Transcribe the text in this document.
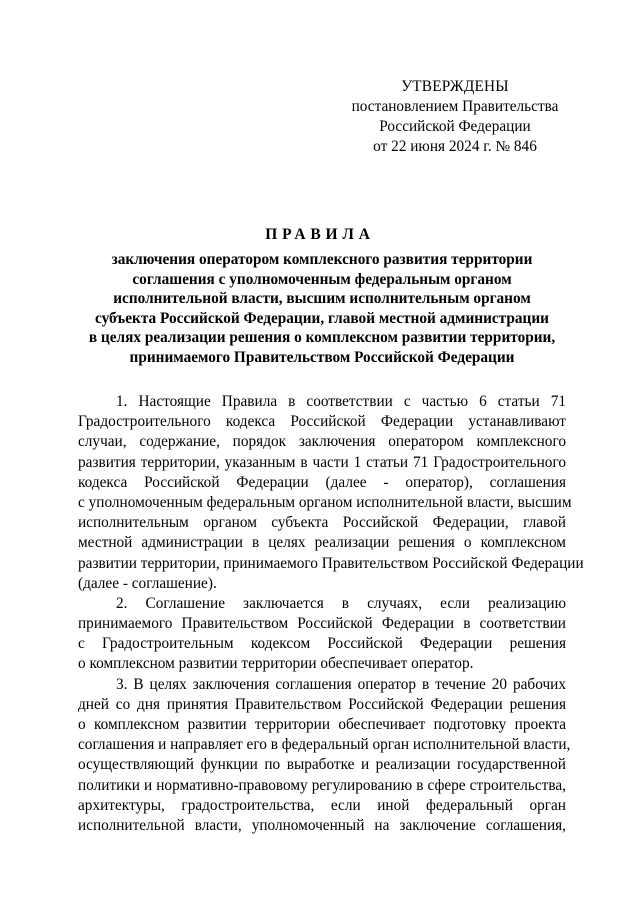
УТВЕРЖДЕНЫ
постановлением Правительства
Российской Федерации
от 22 июня 2024 г. № 846
ПРАВИЛА
заключения оператором комплексного развития территории
соглашения с уполномоченным федеральным органом
исполнительной власти, высшим исполнительным органом
субъекта Российской Федерации, главой местной администрации
в целях реализации решения о комплексном развитии территории,
принимаемого Правительством Российской Федерации
1. Настоящие Правила в соответствии с частью 6 статьи 71
Градостроительного кодекса Российской Федерации устанавливают
случаи, содержание, порядок заключения оператором комплексного
развития территории, указанным в части 1 статьи 71 Градостроительного
кодекса Российской Федерации (далее - оператор), соглашения
с уполномоченным федеральным органом исполнительной власти, высшим
исполнительным органом субъекта Российской Федерации, главой
местной администрации в целях реализации решения о комплексном
развитии территории, принимаемого Правительством Российской Федерации
(далее - соглашение).
2. Соглашение заключается в случаях, если реализацию
принимаемого Правительством Российской Федерации в соответствии
с Градостроительным кодексом Российской Федерации решения
о комплексном развитии территории обеспечивает оператор.
3. В целях заключения соглашения оператор в течение 20 рабочих
дней со дня принятия Правительством Российской Федерации решения
о комплексном развитии территории обеспечивает подготовку проекта
соглашения и направляет его в федеральный орган исполнительной власти,
осуществляющий функции по выработке и реализации государственной
политики и нормативно-правовому регулированию в сфере строительства,
архитектуры, градостроительства, если иной федеральный орган
исполнительной власти, уполномоченный на заключение соглашения,
